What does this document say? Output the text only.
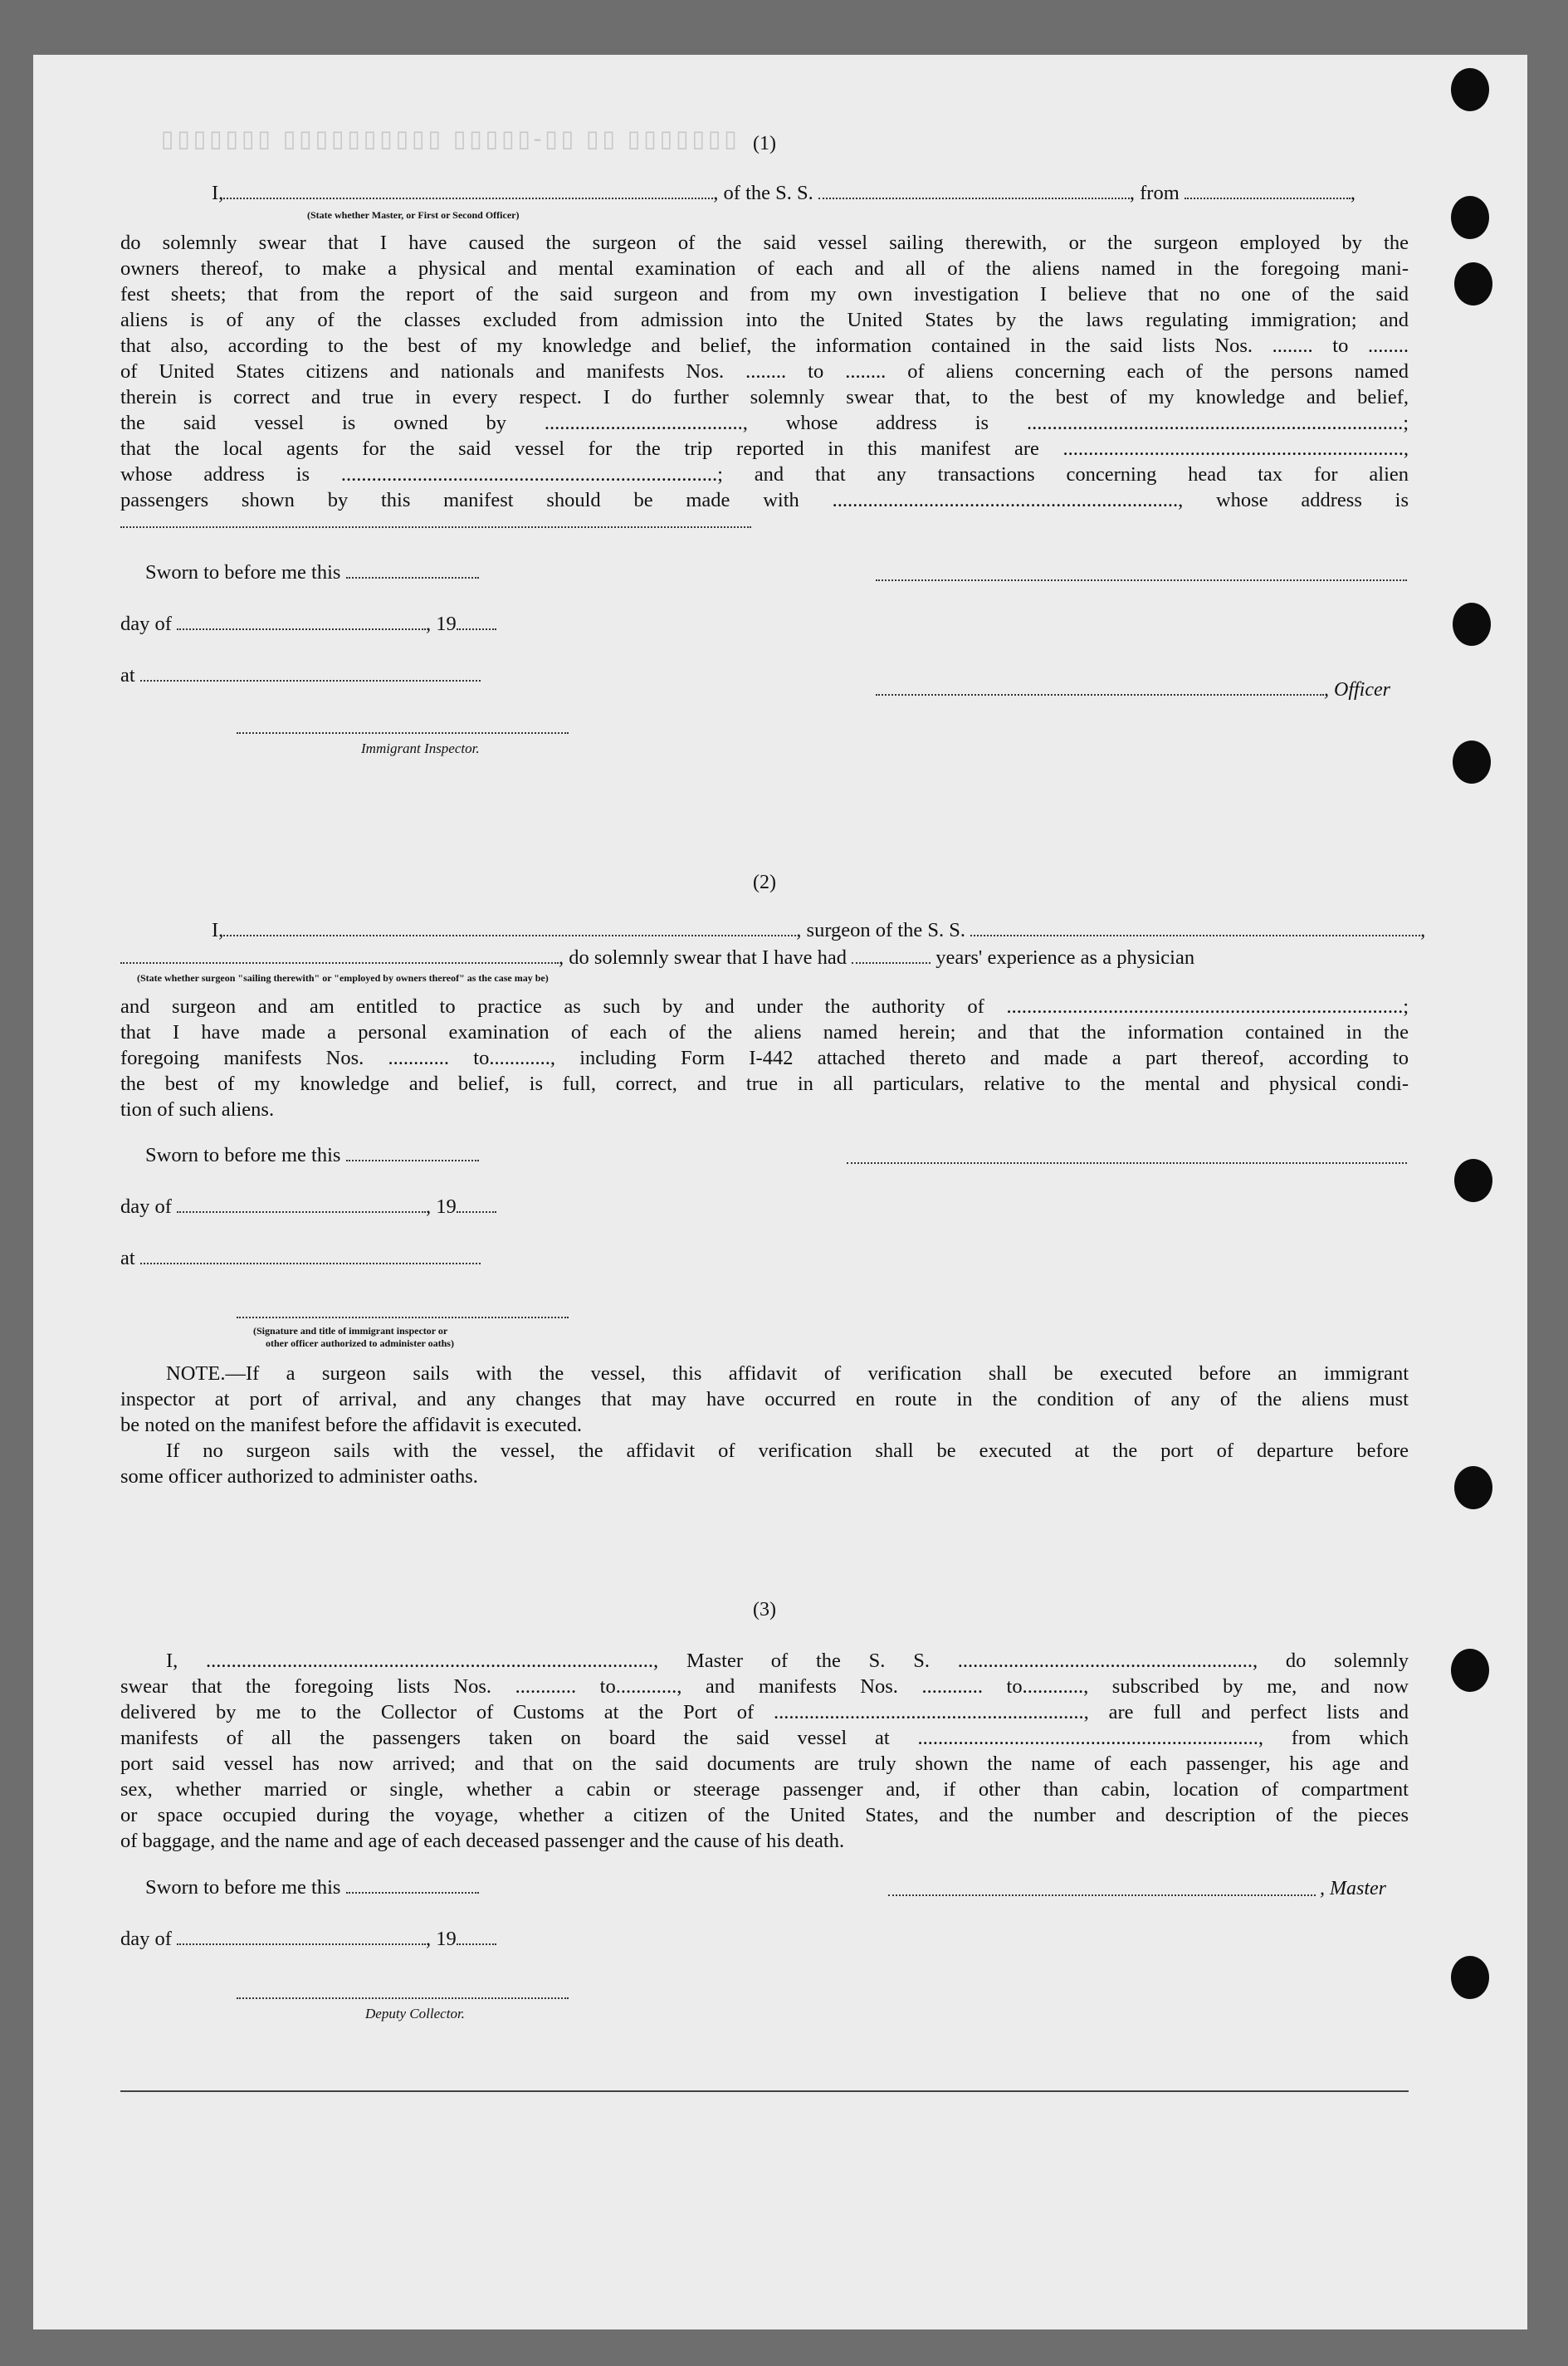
▯▯▯▯▯▯▯ ▯▯ ▯▯-▯▯▯▯▯ ▯▯▯▯▯▯▯▯▯▯ ▯▯▯▯▯▯▯ (1)
I,	, of the S. S.	, from	,
(State whether Master, or First or Second Officer)
do solemnly swear that I have caused the surgeon of the said vessel sailing therewith, or the surgeon employed by the
owners thereof, to make a physical and mental examination of each and all of the aliens named in the foregoing mani-
fest sheets; that from the report of the said surgeon and from my own investigation I believe that no one of the said
aliens is of any of the classes excluded from admission into the United States by the laws regulating immigration; and
that also, according to the best of my knowledge and belief, the information contained in the said lists Nos. ........ to ........
of United States citizens and nationals and manifests Nos. ........ to ........ of aliens concerning each of the persons named
therein is correct and true in every respect. I do further solemnly swear that, to the best of my knowledge and belief,
the said vessel is owned by ......................................., whose address is ..........................................................................;
that the local agents for the said vessel for the trip reported in this manifest are ...................................................................,
whose address is ..........................................................................; and that any transactions concerning head tax for alien
passengers shown by this manifest should be made with ...................................................................., whose address is
Sworn to before me this
day of	, 19
, Officer
at
Immigrant Inspector.
(2)
I,	, surgeon of the S. S.	,
, do solemnly swear that I have had	years' experience as a physician
(State whether surgeon "sailing therewith" or "employed by owners thereof" as the case may be)
and surgeon and am entitled to practice as such by and under the authority of ..............................................................................;
that I have made a personal examination of each of the aliens named herein; and that the information contained in the
foregoing manifests Nos. ............ to............, including Form I-442 attached thereto and made a part thereof, according to
the best of my knowledge and belief, is full, correct, and true in all particulars, relative to the mental and physical condi-
tion of such aliens.
Sworn to before me this
day of	, 19
at
(Signature and title of immigrant inspector or
other officer authorized to administer oaths)
NOTE.—If a surgeon sails with the vessel, this affidavit of verification shall be executed before an immigrant
inspector at port of arrival, and any changes that may have occurred en route in the condition of any of the aliens must
be noted on the manifest before the affidavit is executed.
If no surgeon sails with the vessel, the affidavit of verification shall be executed at the port of departure before
some officer authorized to administer oaths.
(3)
I, ........................................................................................, Master of the S. S. .........................................................., do solemnly
swear that the foregoing lists Nos. ............ to............, and manifests Nos. ............ to............, subscribed by me, and now
delivered by me to the Collector of Customs at the Port of ............................................................., are full and perfect lists and
manifests of all the passengers taken on board the said vessel at ..................................................................., from which
port said vessel has now arrived; and that on the said documents are truly shown the name of each passenger, his age and
sex, whether married or single, whether a cabin or steerage passenger and, if other than cabin, location of compartment
or space occupied during the voyage, whether a citizen of the United States, and the number and description of the pieces
of baggage, and the name and age of each deceased passenger and the cause of his death.
Sworn to before me this	, Master
day of	, 19
Deputy Collector.
